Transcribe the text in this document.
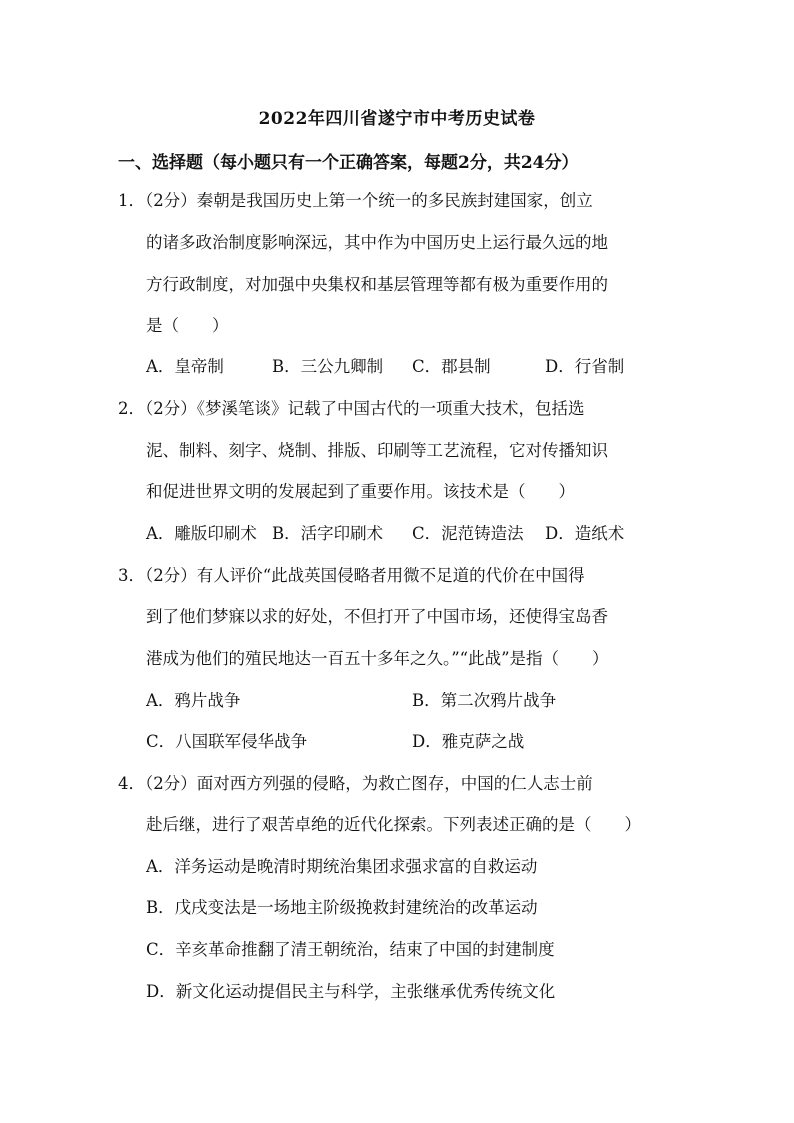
2022年四川省遂宁市中考历史试卷
一、选择题（每小题只有一个正确答案，每题2分，共24分）
1．（2分）秦朝是我国历史上第一个统一的多民族封建国家，创立
的诸多政治制度影响深远，其中作为中国历史上运行最久远的地
方行政制度，对加强中央集权和基层管理等都有极为重要作用的
是（　　）
A．皇帝制	B．三公九卿制 C．郡县制	D．行省制
2．（2分）《梦溪笔谈》记载了中国古代的一项重大技术，包括选
泥、制料、刻字、烧制、排版、印刷等工艺流程，它对传播知识
和促进世界文明的发展起到了重要作用。该技术是（　　）
A．雕版印刷术 B．活字印刷术 C．泥范铸造法 D．造纸术
3．（2分）有人评价“此战英国侵略者用微不足道的代价在中国得
到了他们梦寐以求的好处，不但打开了中国市场，还使得宝岛香
港成为他们的殖民地达一百五十多年之久。”“此战”是指（　　）
A．鸦片战争	B．第二次鸦片战争
C．八国联军侵华战争	D．雅克萨之战
4．（2分）面对西方列强的侵略，为救亡图存，中国的仁人志士前
赴后继，进行了艰苦卓绝的近代化探索。下列表述正确的是（　　）
A．洋务运动是晚清时期统治集团求强求富的自救运动
B．戊戌变法是一场地主阶级挽救封建统治的改革运动
C．辛亥革命推翻了清王朝统治，结束了中国的封建制度
D．新文化运动提倡民主与科学，主张继承优秀传统文化
